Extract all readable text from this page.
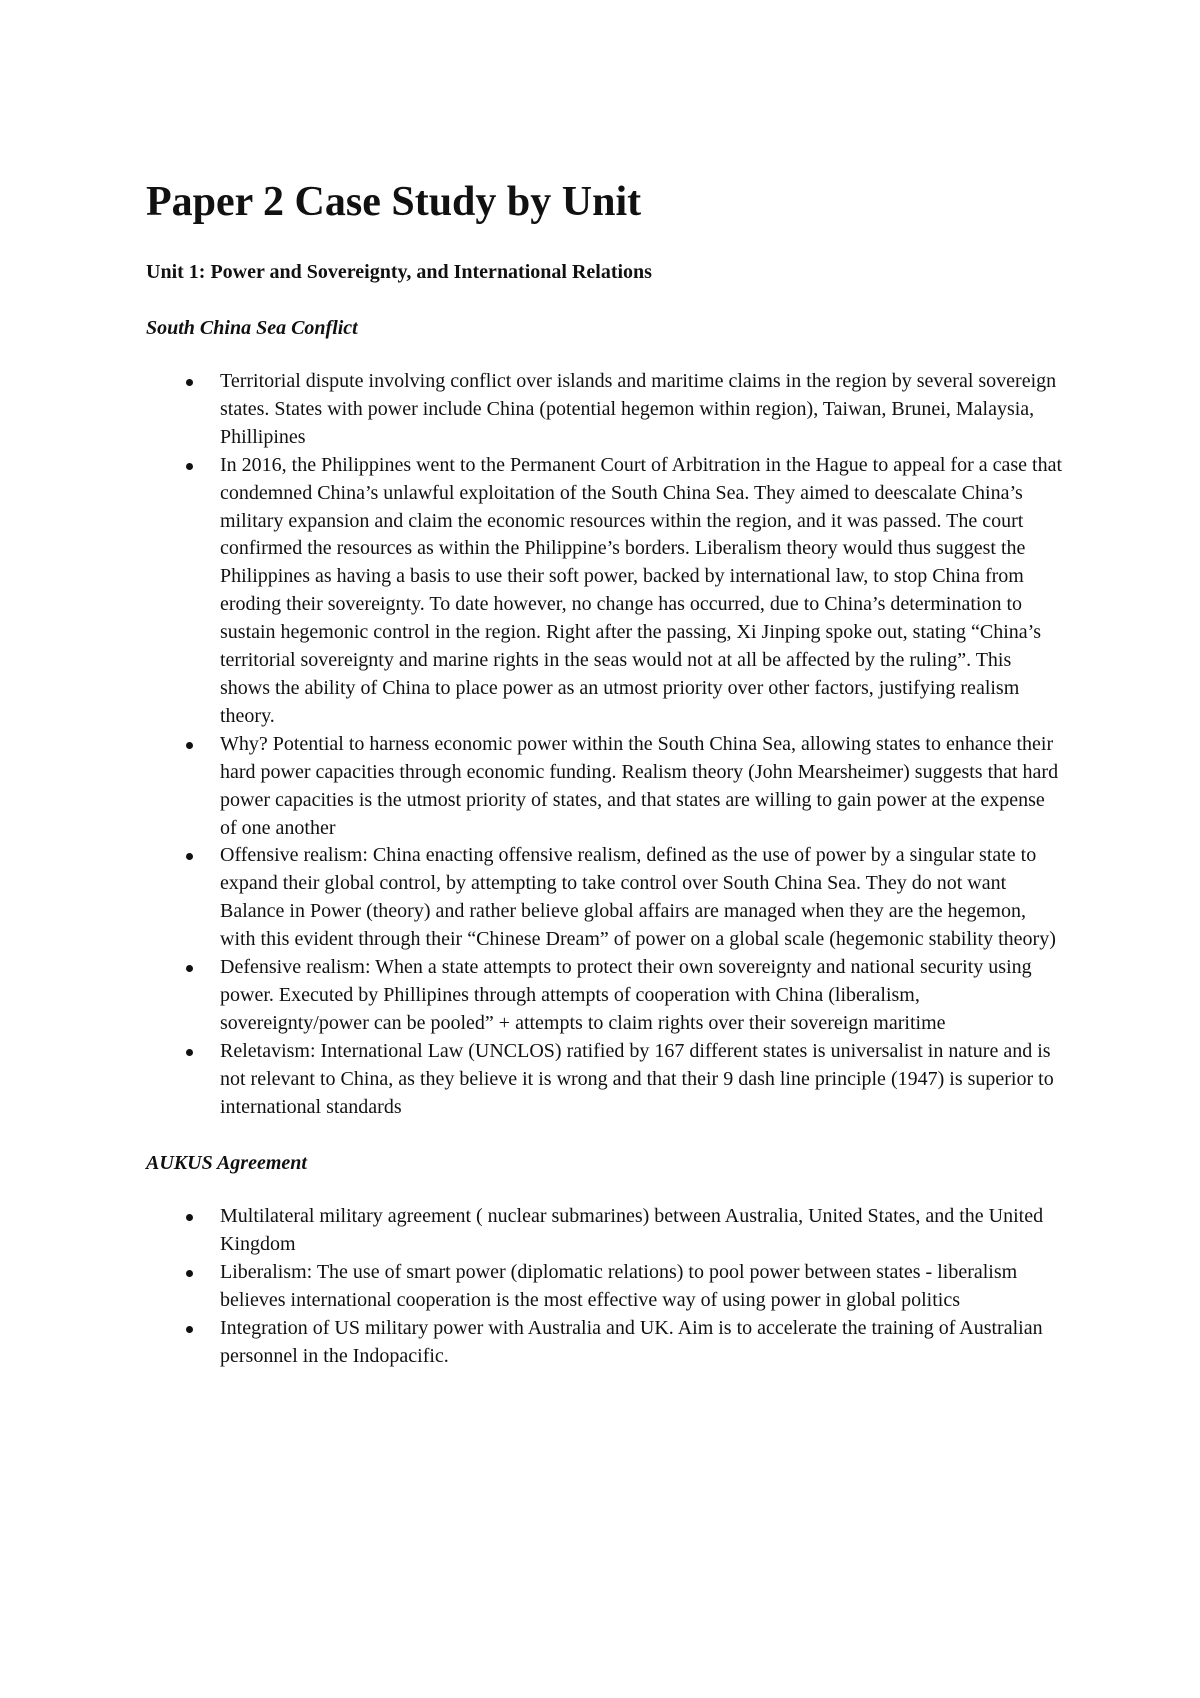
Paper 2 Case Study by Unit
Unit 1: Power and Sovereignty, and International Relations
South China Sea Conflict
Territorial dispute involving conflict over islands and maritime claims in the region by several sovereign states. States with power include China (potential hegemon within region), Taiwan, Brunei, Malaysia, Phillipines
In 2016, the Philippines went to the Permanent Court of Arbitration in the Hague to appeal for a case that condemned China’s unlawful exploitation of the South China Sea. They aimed to deescalate China’s military expansion and claim the economic resources within the region, and it was passed. The court confirmed the resources as within the Philippine’s borders. Liberalism theory would thus suggest the Philippines as having a basis to use their soft power, backed by international law, to stop China from eroding their sovereignty. To date however, no change has occurred, due to China’s determination to sustain hegemonic control in the region. Right after the passing, Xi Jinping spoke out, stating “China’s territorial sovereignty and marine rights in the seas would not at all be affected by the ruling”. This shows the ability of China to place power as an utmost priority over other factors, justifying realism theory.
Why? Potential to harness economic power within the South China Sea, allowing states to enhance their hard power capacities through economic funding. Realism theory (John Mearsheimer) suggests that hard power capacities is the utmost priority of states, and that states are willing to gain power at the expense of one another
Offensive realism: China enacting offensive realism, defined as the use of power by a singular state to expand their global control, by attempting to take control over South China Sea. They do not want Balance in Power (theory) and rather believe global affairs are managed when they are the hegemon, with this evident through their “Chinese Dream” of power on a global scale (hegemonic stability theory)
Defensive realism: When a state attempts to protect their own sovereignty and national security using power. Executed by Phillipines through attempts of cooperation with China (liberalism, sovereignty/power can be pooled” + attempts to claim rights over their sovereign maritime
Reletavism: International Law (UNCLOS) ratified by 167 different states is universalist in nature and is not relevant to China, as they believe it is wrong and that their 9 dash line principle (1947) is superior to international standards
AUKUS Agreement
Multilateral military agreement ( nuclear submarines) between Australia, United States, and the United Kingdom
Liberalism: The use of smart power (diplomatic relations) to pool power between states - liberalism believes international cooperation is the most effective way of using power in global politics
Integration of US military power with Australia and UK. Aim is to accelerate the training of Australian personnel in the Indopacific.
